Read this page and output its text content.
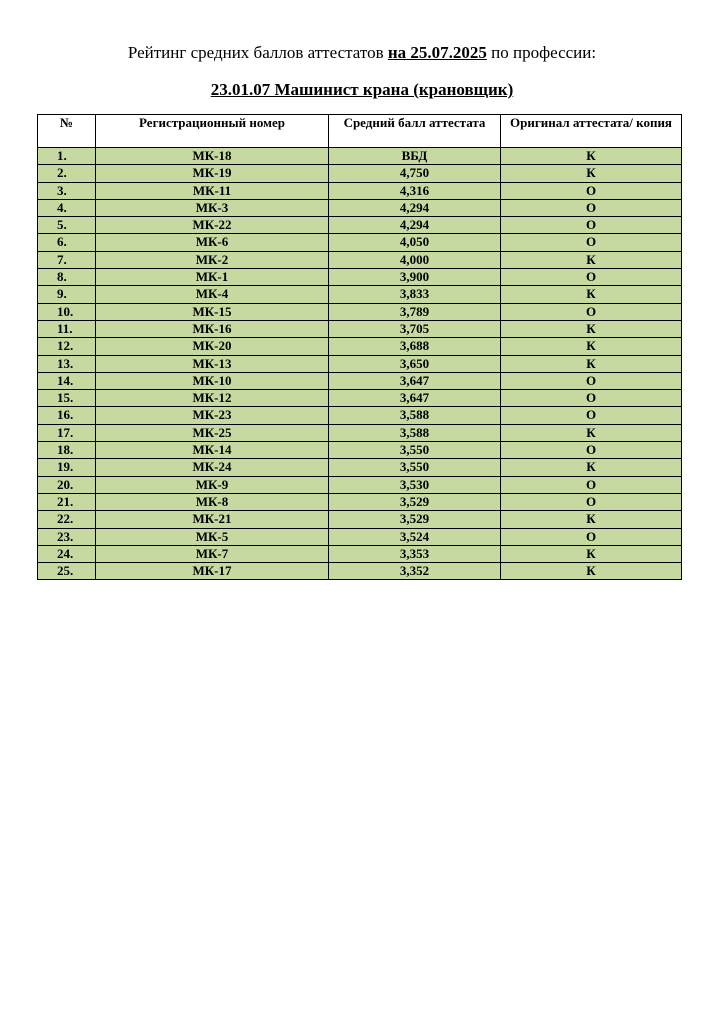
Рейтинг средних баллов аттестатов на 25.07.2025 по профессии:
23.01.07 Машинист крана (крановщик)
№	Регистрационный номер	Средний балл аттестата	Оригинал аттестата/ копия
1.	МК-18	ВБД	К
2.	МК-19	4,750	К
3.	МК-11	4,316	О
4.	МК-3	4,294	О
5.	МК-22	4,294	О
6.	МК-6	4,050	О
7.	МК-2	4,000	К
8.	МК-1	3,900	О
9.	МК-4	3,833	К
10.	МК-15	3,789	О
11.	МК-16	3,705	К
12.	МК-20	3,688	К
13.	МК-13	3,650	К
14.	МК-10	3,647	О
15.	МК-12	3,647	О
16.	МК-23	3,588	О
17.	МК-25	3,588	К
18.	МК-14	3,550	О
19.	МК-24	3,550	К
20.	МК-9	3,530	О
21.	МК-8	3,529	О
22.	МК-21	3,529	К
23.	МК-5	3,524	О
24.	МК-7	3,353	К
25.	МК-17	3,352	К
